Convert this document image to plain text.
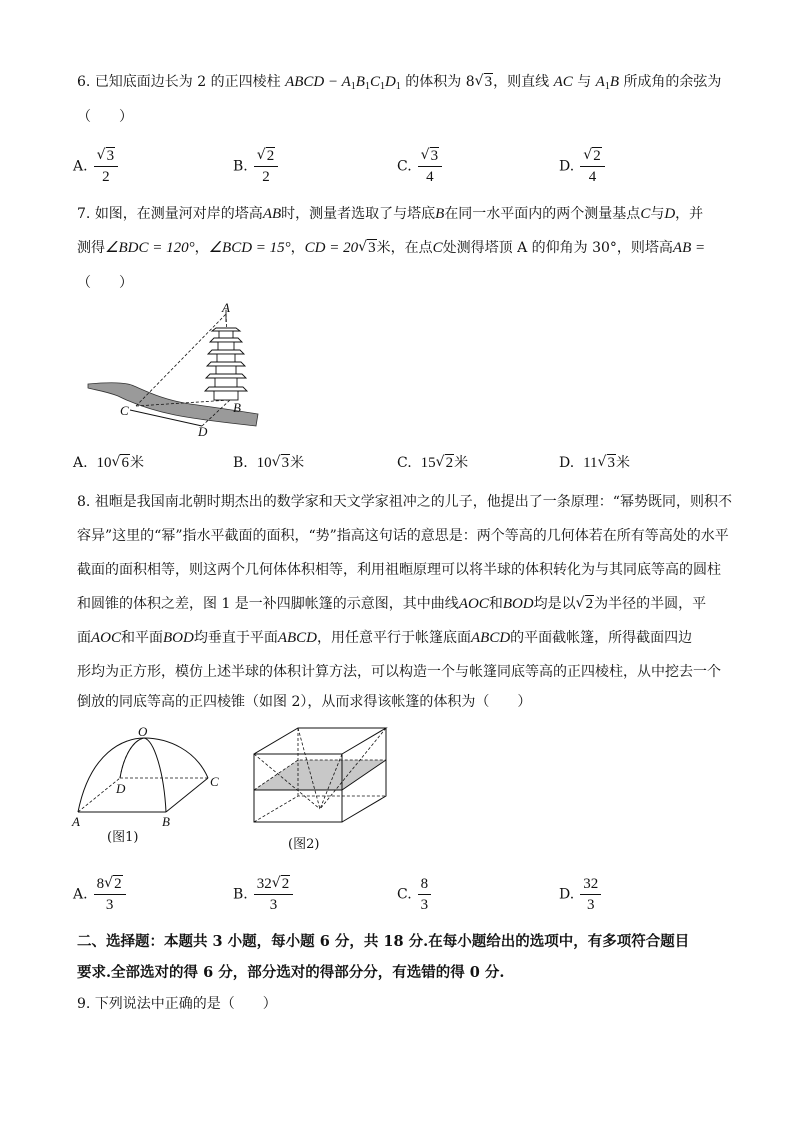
6. 已知底面边长为 2 的正四棱柱 ABCD − $A_1B_1C_1D_1$ 的体积为 8 √ 3，则直线 AC 与 $A_1B$ 所成角的余弦为
（　　）
A. √ $\frac{3}{2}$	B. √ $\frac{2}{2}$	C. √ $\frac{3}{4}$	D. √ $\frac{2}{4}$
7. 如图，在测量河对岸的塔高AB时，测量者选取了与塔底B在同一水平面内的两个测量基点C与D，并
测得∠BDC = 120°，∠BCD = 15°，CD = 20 √ 3米，在点C处测得塔顶 A 的仰角为 30°，则塔高AB =
（　　）
A
B
C
D
A. 10 √ 6米	B. 10 √ 3米	C. 15 √ 2米	D. 11 √ 3米
8. 祖暅是我国南北朝时期杰出的数学家和天文学家祖冲之的儿子，他提出了一条原理：“幂势既同，则积不
容异”这里的“幂”指水平截面的面积，“势”指高这句话的意思是：两个等高的几何体若在所有等高处的水平
截面的面积相等，则这两个几何体体积相等，利用祖暅原理可以将半球的体积转化为与其同底等高的圆柱
和圆锥的体积之差，图 1 是一补四脚帐篷的示意图，其中曲线AOC和BOD均是以 √ 2为半径的半圆，平
面AOC和平面BOD均垂直于平面ABCD，用任意平行于帐篷底面ABCD的平面截帐篷，所得截面四边
形均为正方形，模仿上述半球的体积计算方法，可以构造一个与帐篷同底等高的正四棱柱，从中挖去一个
倒放的同底等高的正四棱锥（如图 2），从而求得该帐篷的体积为（　　）
O
D	C
A	B
(图1)	(图2)
A. $\frac{8 √ 2}{3}$	B. $\frac{32 √ 2}{3}$	C. $\frac{8}{3}$	D. $\frac{32}{3}$
二、选择题：本题共 3 小题，每小题 6 分，共 18 分.在每小题给出的选项中，有多项符合题目
要求.全部选对的得 6 分，部分选对的得部分分，有选错的得 0 分.
9. 下列说法中正确的是（　　）
